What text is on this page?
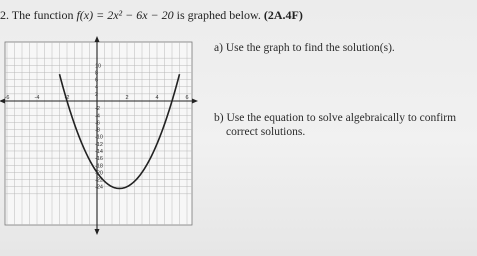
2. The function f(x) = 2x² − 6x − 20 is graphed below. (2A.4F)
a) Use the graph to find the solution(s).
b) Use the equation to solve algebraically to confirm
correct solutions.
-6	-4	-2	2	4	6
10
8
6
4
2
-2
-4
-6
-8
-10
-12
-14
-16
-18
-20
-22
-24
